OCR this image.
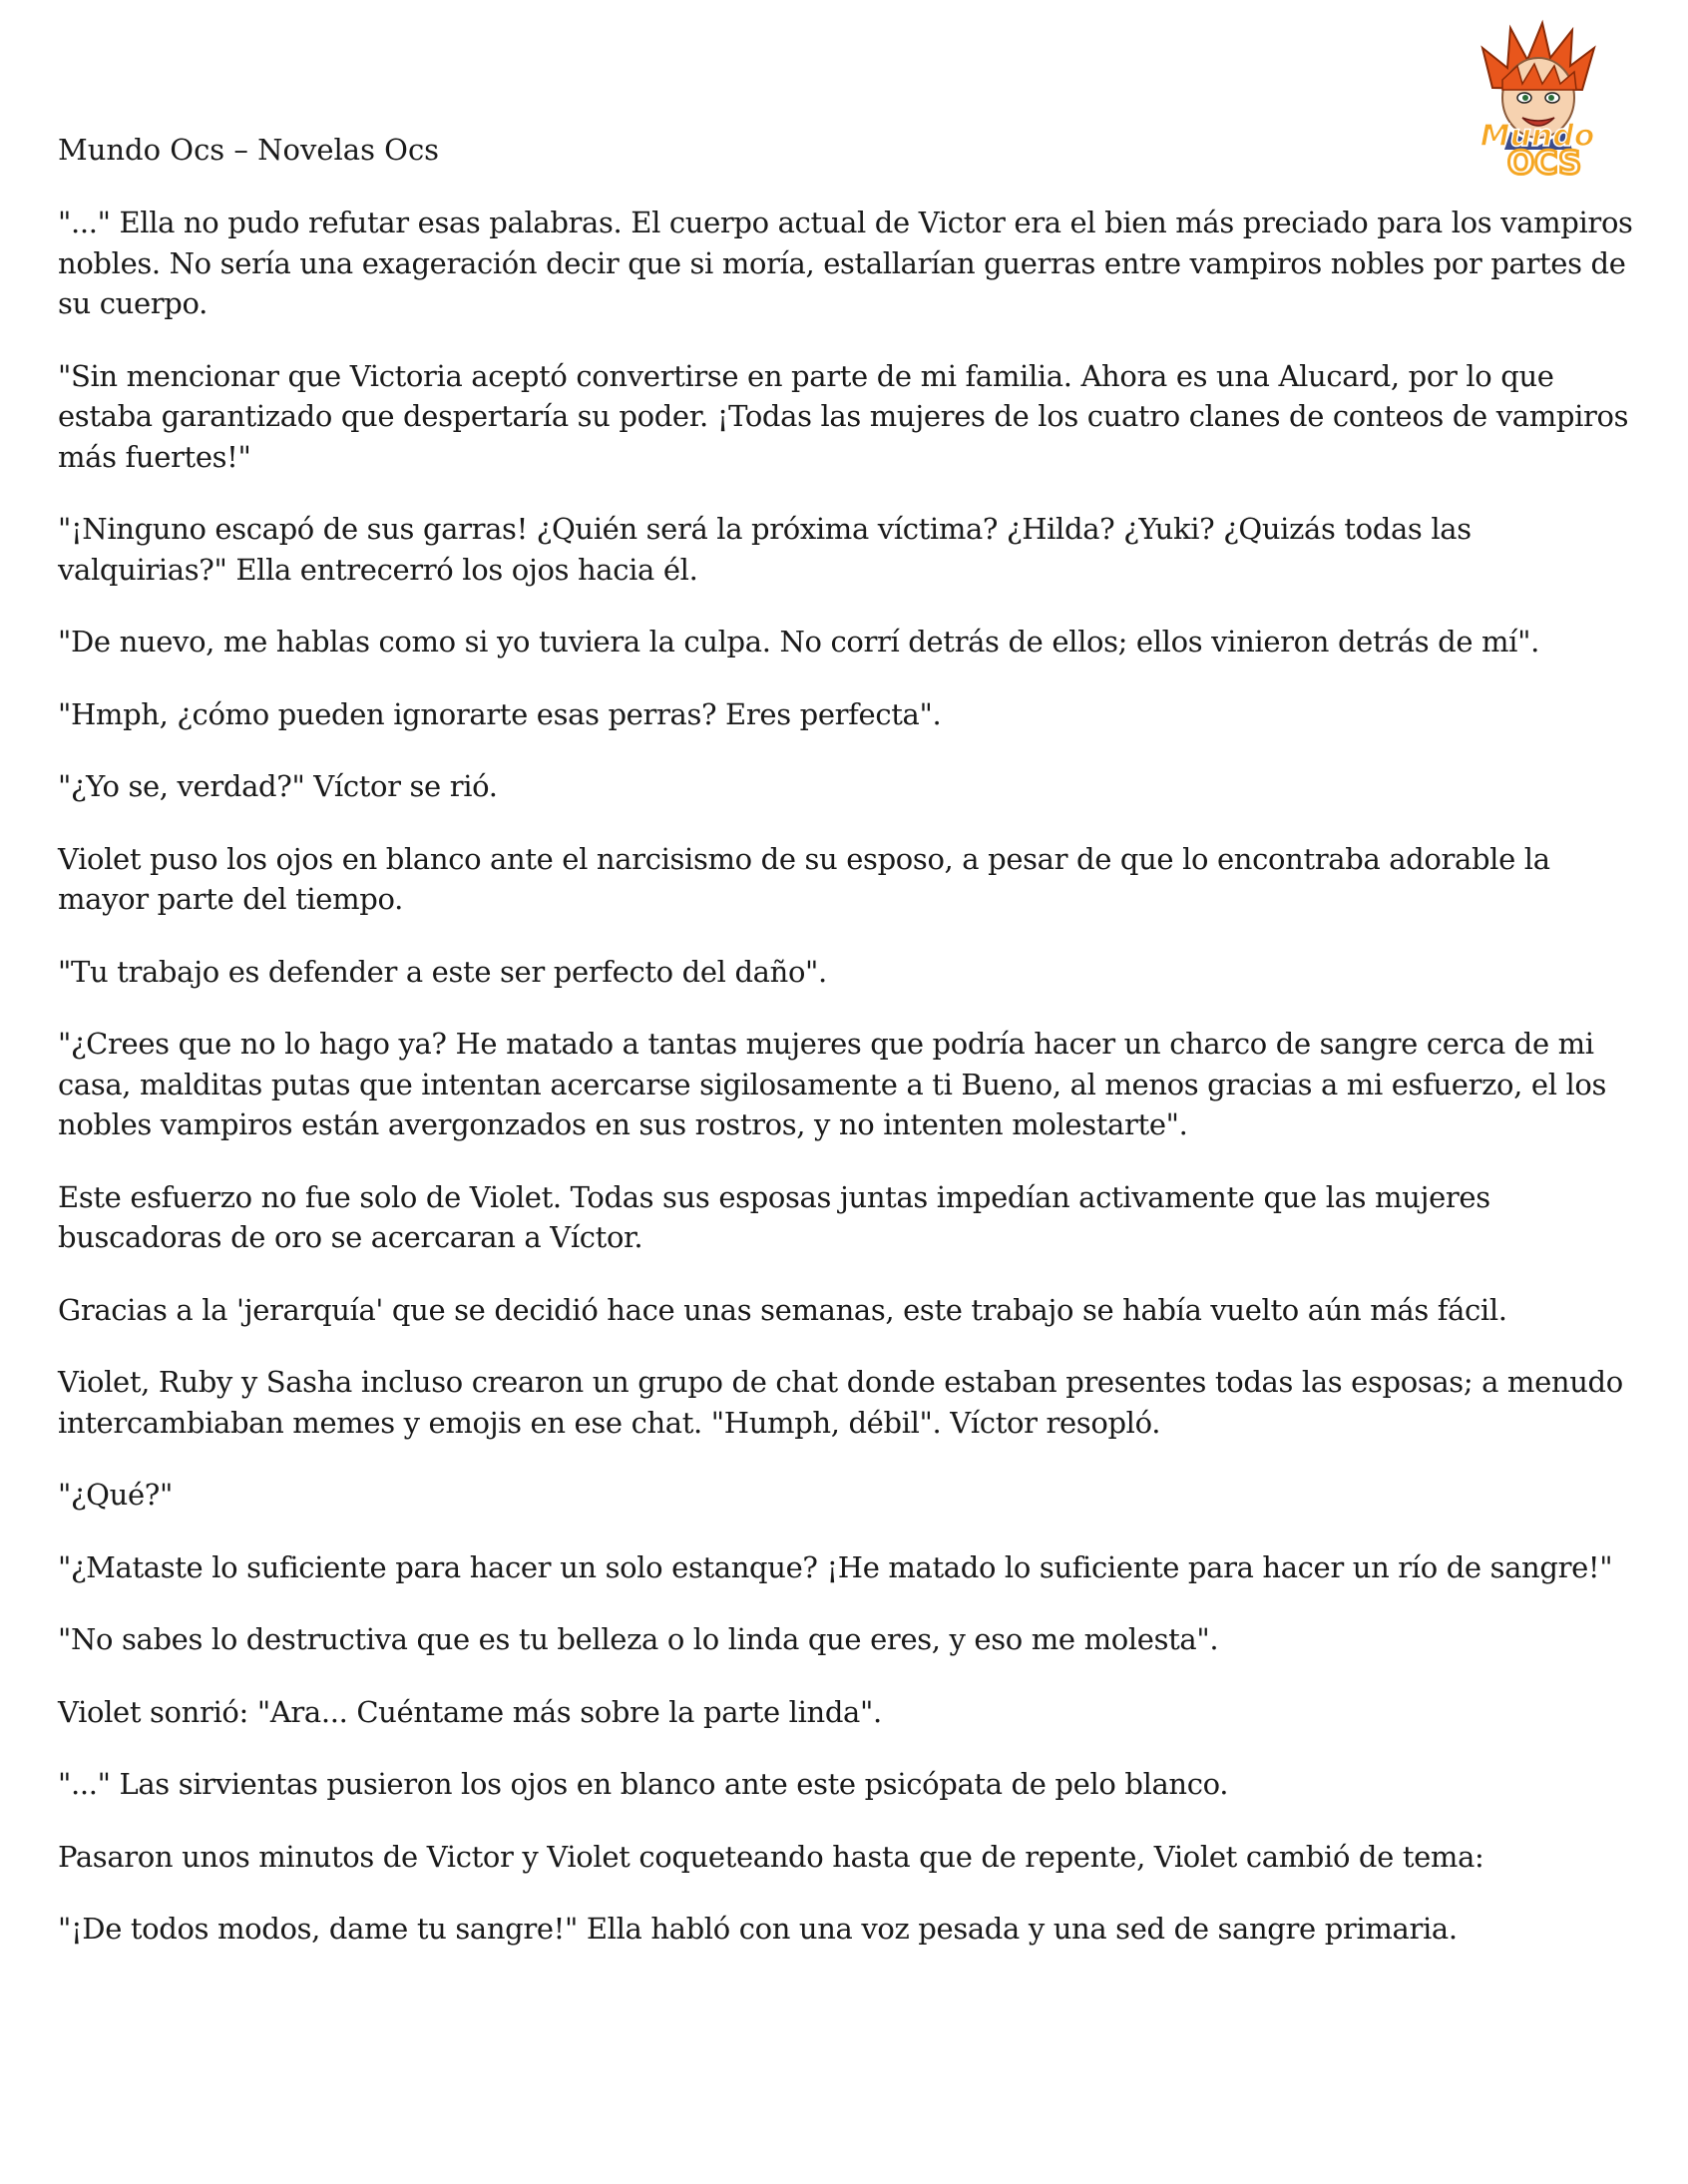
Mundo Ocs – Novelas Ocs	Mundo
OCS

"..." Ella no pudo refutar esas palabras. El cuerpo actual de Victor era el bien más preciado para los vampiros nobles. No sería una exageración decir que si moría, estallarían guerras entre vampiros nobles por partes de su cuerpo.

"Sin mencionar que Victoria aceptó convertirse en parte de mi familia. Ahora es una Alucard, por lo que estaba garantizado que despertaría su poder. ¡Todas las mujeres de los cuatro clanes de conteos de vampiros más fuertes!"

"¡Ninguno escapó de sus garras! ¿Quién será la próxima víctima? ¿Hilda? ¿Yuki? ¿Quizás todas las valquirias?" Ella entrecerró los ojos hacia él.

"De nuevo, me hablas como si yo tuviera la culpa. No corrí detrás de ellos; ellos vinieron detrás de mí".

"Hmph, ¿cómo pueden ignorarte esas perras? Eres perfecta".

"¿Yo se, verdad?" Víctor se rió.

Violet puso los ojos en blanco ante el narcisismo de su esposo, a pesar de que lo encontraba adorable la mayor parte del tiempo.

"Tu trabajo es defender a este ser perfecto del daño".

"¿Crees que no lo hago ya? He matado a tantas mujeres que podría hacer un charco de sangre cerca de mi casa, malditas putas que intentan acercarse sigilosamente a ti Bueno, al menos gracias a mi esfuerzo, el los nobles vampiros están avergonzados en sus rostros, y no intenten molestarte".

Este esfuerzo no fue solo de Violet. Todas sus esposas juntas impedían activamente que las mujeres buscadoras de oro se acercaran a Víctor.

Gracias a la 'jerarquía' que se decidió hace unas semanas, este trabajo se había vuelto aún más fácil.

Violet, Ruby y Sasha incluso crearon un grupo de chat donde estaban presentes todas las esposas; a menudo intercambiaban memes y emojis en ese chat. "Humph, débil". Víctor resopló.

"¿Qué?"

"¿Mataste lo suficiente para hacer un solo estanque? ¡He matado lo suficiente para hacer un río de sangre!"

"No sabes lo destructiva que es tu belleza o lo linda que eres, y eso me molesta".

Violet sonrió: "Ara... Cuéntame más sobre la parte linda".

"..." Las sirvientas pusieron los ojos en blanco ante este psicópata de pelo blanco.

Pasaron unos minutos de Victor y Violet coqueteando hasta que de repente, Violet cambió de tema:

"¡De todos modos, dame tu sangre!" Ella habló con una voz pesada y una sed de sangre primaria.
